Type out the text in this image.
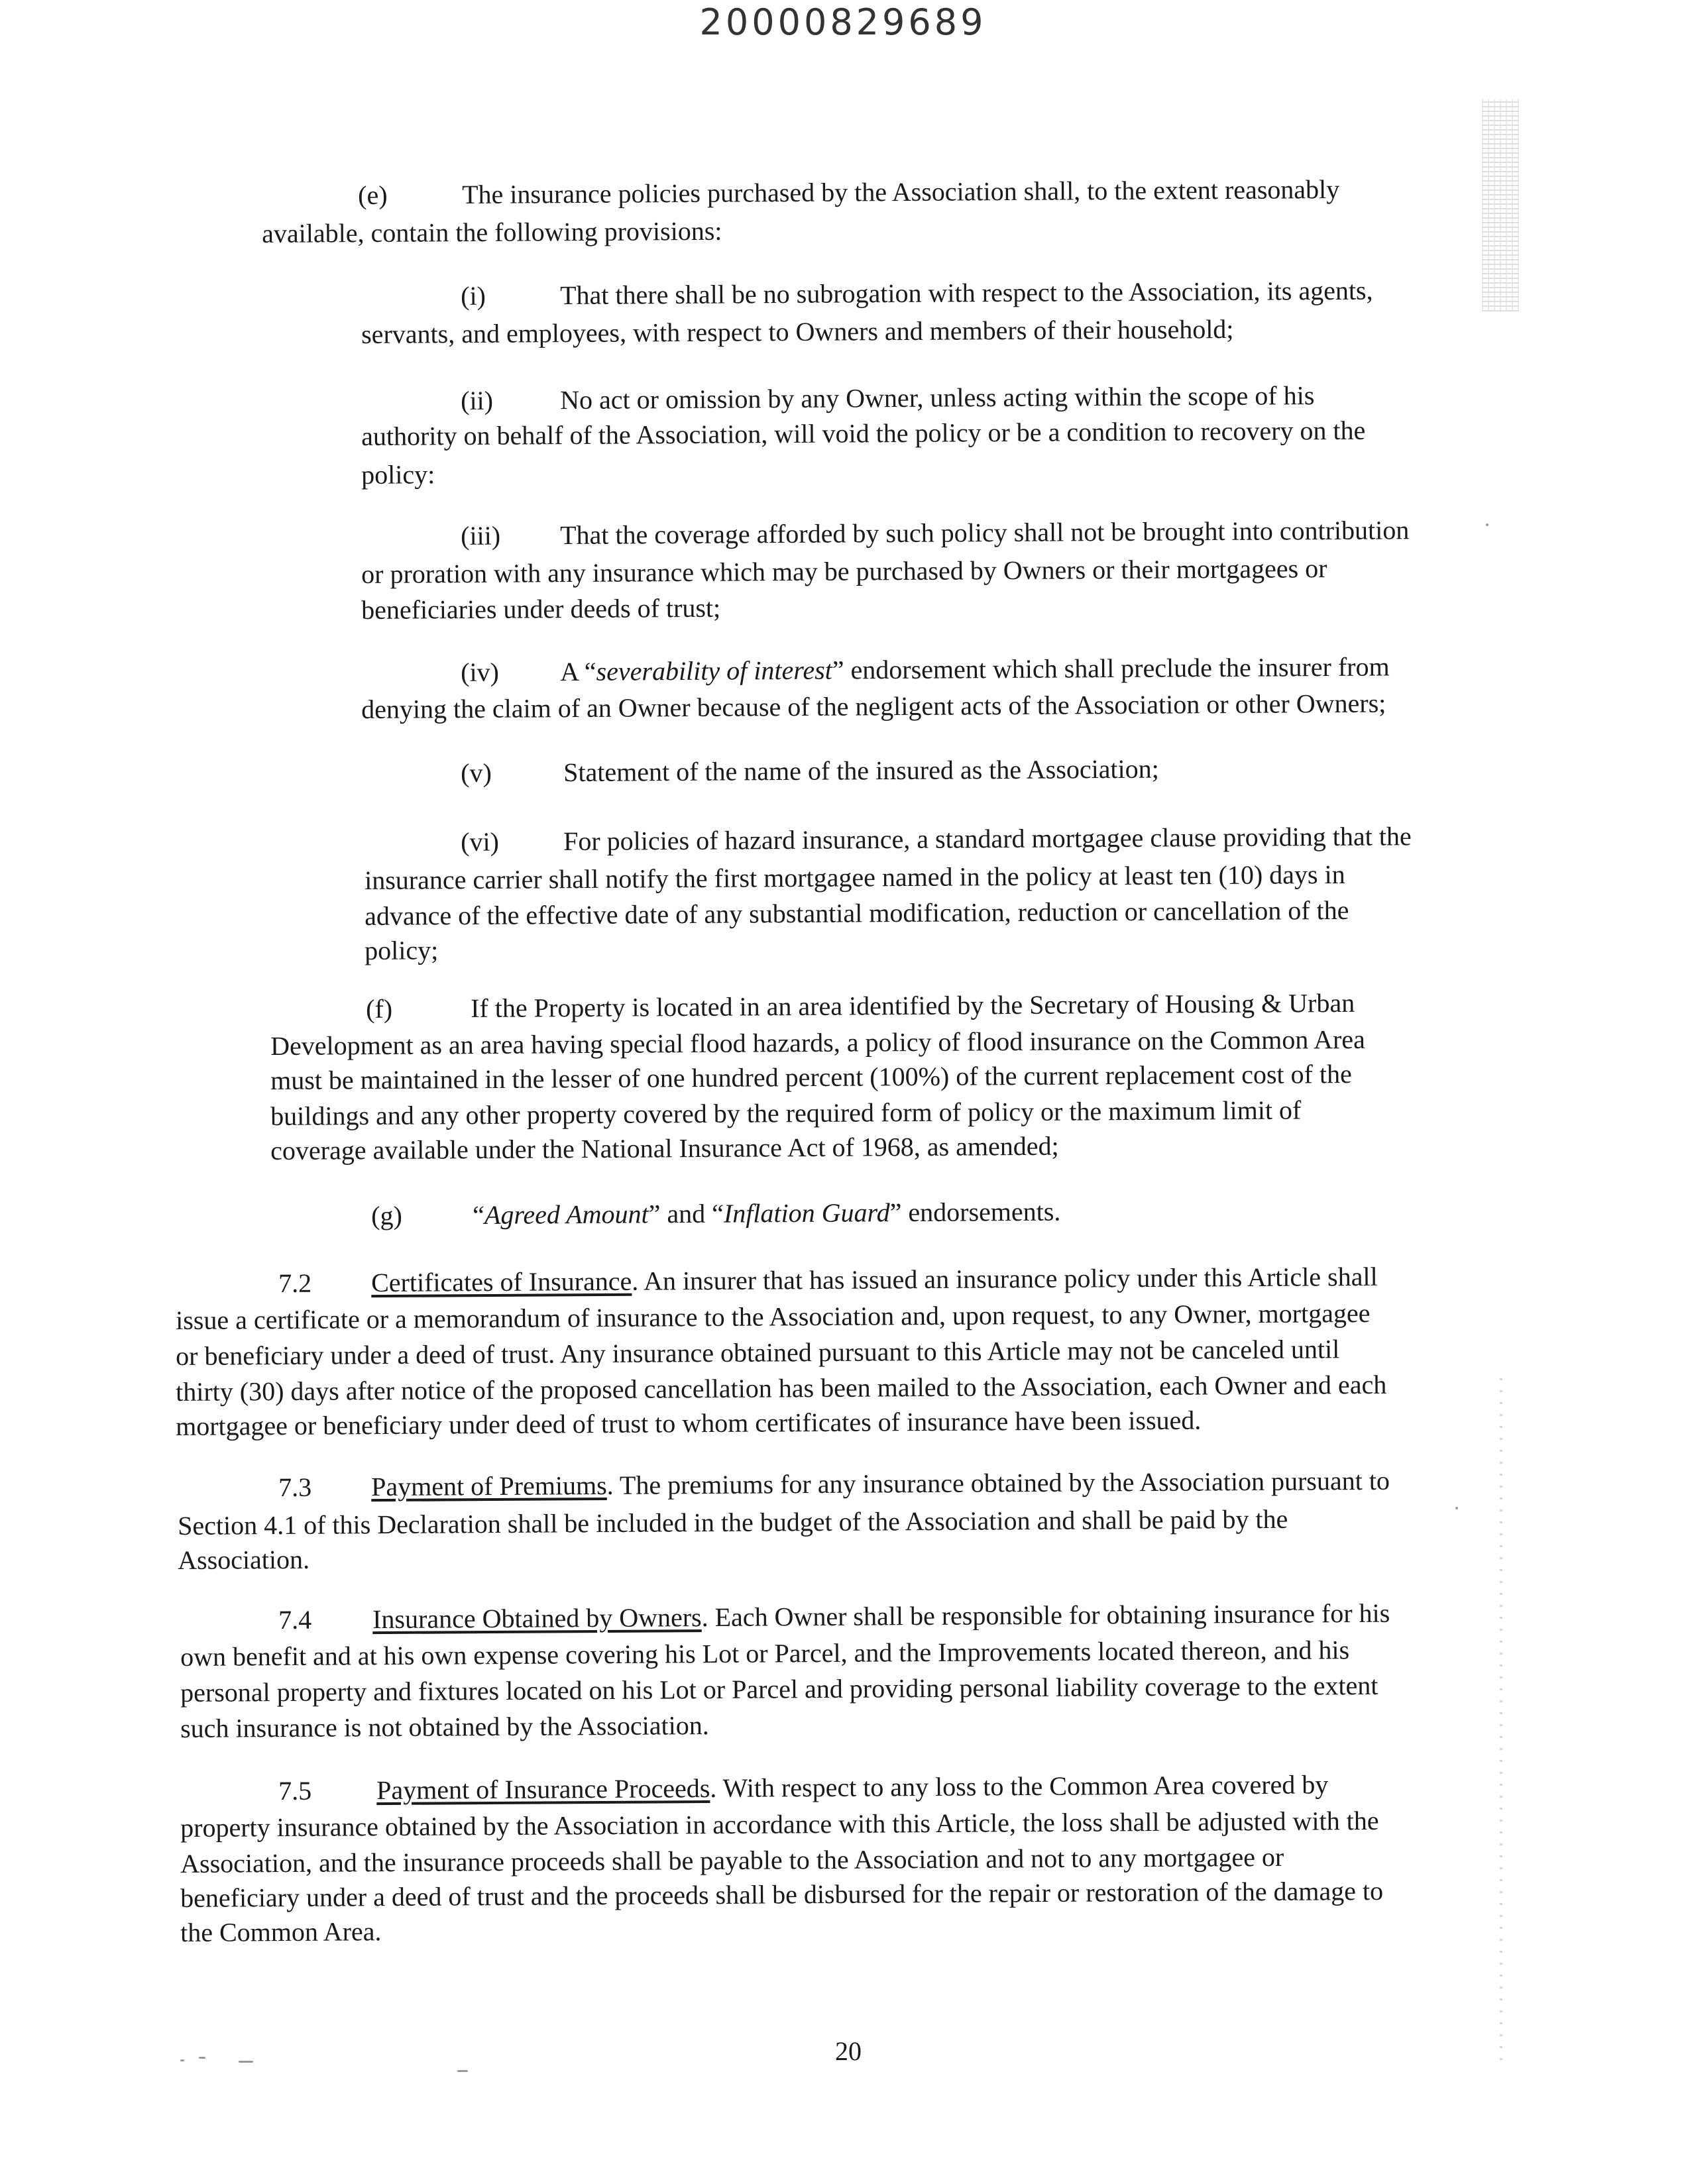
20000829689
(e)	The insurance policies purchased by the Association shall, to the extent reasonably
available, contain the following provisions:
(i)	That there shall be no subrogation with respect to the Association, its agents,
servants, and employees, with respect to Owners and members of their household;
(ii)	No act or omission by any Owner, unless acting within the scope of his
authority on behalf of the Association, will void the policy or be a condition to recovery on the
policy:
(iii) That the coverage afforded by such policy shall not be brought into contribution
or proration with any insurance which may be purchased by Owners or their mortgagees or
beneficiaries under deeds of trust;
(iv) A “severability of interest” endorsement which shall preclude the insurer from
denying the claim of an Owner because of the negligent acts of the Association or other Owners;
(v)	Statement of the name of the insured as the Association;
(vi) For policies of hazard insurance, a standard mortgagee clause providing that the
insurance carrier shall notify the first mortgagee named in the policy at least ten (10) days in
advance of the effective date of any substantial modification, reduction or cancellation of the
policy;
(f)	If the Property is located in an area identified by the Secretary of Housing & Urban
Development as an area having special flood hazards, a policy of flood insurance on the Common Area
must be maintained in the lesser of one hundred percent (100%) of the current replacement cost of the
buildings and any other property covered by the required form of policy or the maximum limit of
coverage available under the National Insurance Act of 1968, as amended;
(g)	“Agreed Amount” and “Inflation Guard” endorsements.
7.2 Certificates of Insurance. An insurer that has issued an insurance policy under this Article shall
issue a certificate or a memorandum of insurance to the Association and, upon request, to any Owner, mortgagee
or beneficiary under a deed of trust. Any insurance obtained pursuant to this Article may not be canceled until
thirty (30) days after notice of the proposed cancellation has been mailed to the Association, each Owner and each
mortgagee or beneficiary under deed of trust to whom certificates of insurance have been issued.
7.3 Payment of Premiums. The premiums for any insurance obtained by the Association pursuant to
Section 4.1 of this Declaration shall be included in the budget of the Association and shall be paid by the
Association.
7.4 Insurance Obtained by Owners. Each Owner shall be responsible for obtaining insurance for his
own benefit and at his own expense covering his Lot or Parcel, and the Improvements located thereon, and his
personal property and fixtures located on his Lot or Parcel and providing personal liability coverage to the extent
such insurance is not obtained by the Association.
7.5 Payment of Insurance Proceeds. With respect to any loss to the Common Area covered by
property insurance obtained by the Association in accordance with this Article, the loss shall be adjusted with the
Association, and the insurance proceeds shall be payable to the Association and not to any mortgagee or
beneficiary under a deed of trust and the proceeds shall be disbursed for the repair or restoration of the damage to
the Common Area.
20
